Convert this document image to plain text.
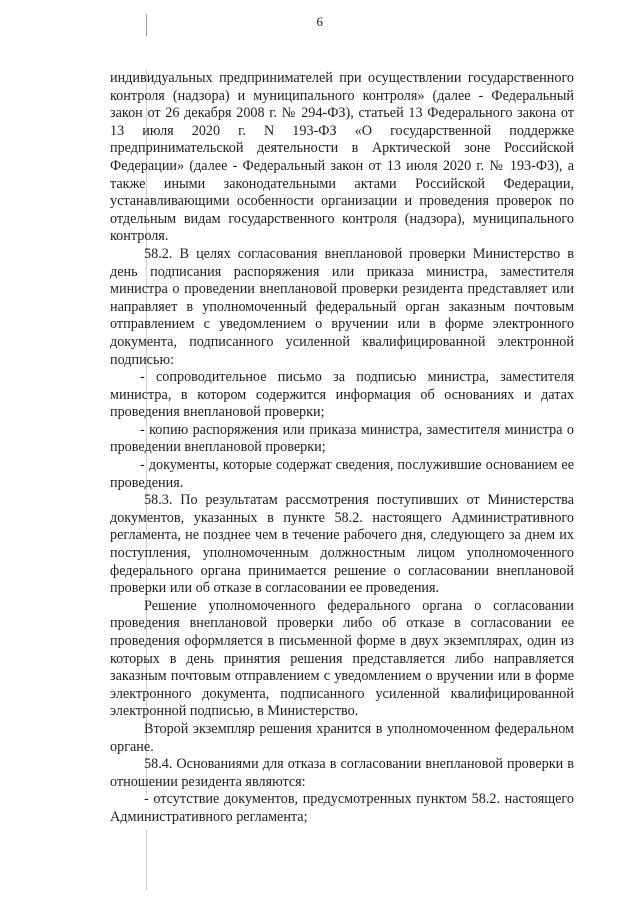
6

индивидуальных предпринимателей при осуществлении государственного контроля (надзора) и муниципального контроля» (далее - Федеральный закон от 26 декабря 2008 г. № 294-ФЗ), статьей 13 Федерального закона от 13 июля 2020 г. N 193-ФЗ «О государственной поддержке предпринимательской деятельности в Арктической зоне Российской Федерации» (далее - Федеральный закон от 13 июля 2020 г. № 193-ФЗ), а также иными законодательными актами Российской Федерации, устанавливающими особенности организации и проведения проверок по отдельным видам государственного контроля (надзора), муниципального контроля.

58.2. В целях согласования внеплановой проверки Министерство в день подписания распоряжения или приказа министра, заместителя министра о проведении внеплановой проверки резидента представляет или направляет в уполномоченный федеральный орган заказным почтовым отправлением с уведомлением о вручении или в форме электронного документа, подписанного усиленной квалифицированной электронной подписью:

- сопроводительное письмо за подписью министра, заместителя министра, в котором содержится информация об основаниях и датах проведения внеплановой проверки;

- копию распоряжения или приказа министра, заместителя министра о проведении внеплановой проверки;

- документы, которые содержат сведения, послужившие основанием ее проведения.

58.3. По результатам рассмотрения поступивших от Министерства документов, указанных в пункте 58.2. настоящего Административного регламента, не позднее чем в течение рабочего дня, следующего за днем их поступления, уполномоченным должностным лицом уполномоченного федерального органа принимается решение о согласовании внеплановой проверки или об отказе в согласовании ее проведения.

Решение уполномоченного федерального органа о согласовании проведения внеплановой проверки либо об отказе в согласовании ее проведения оформляется в письменной форме в двух экземплярах, один из которых в день принятия решения представляется либо направляется заказным почтовым отправлением с уведомлением о вручении или в форме электронного документа, подписанного усиленной квалифицированной электронной подписью, в Министерство.

Второй экземпляр решения хранится в уполномоченном федеральном органе.

58.4. Основаниями для отказа в согласовании внеплановой проверки в отношении резидента являются:

- отсутствие документов, предусмотренных пунктом 58.2. настоящего Административного регламента;
